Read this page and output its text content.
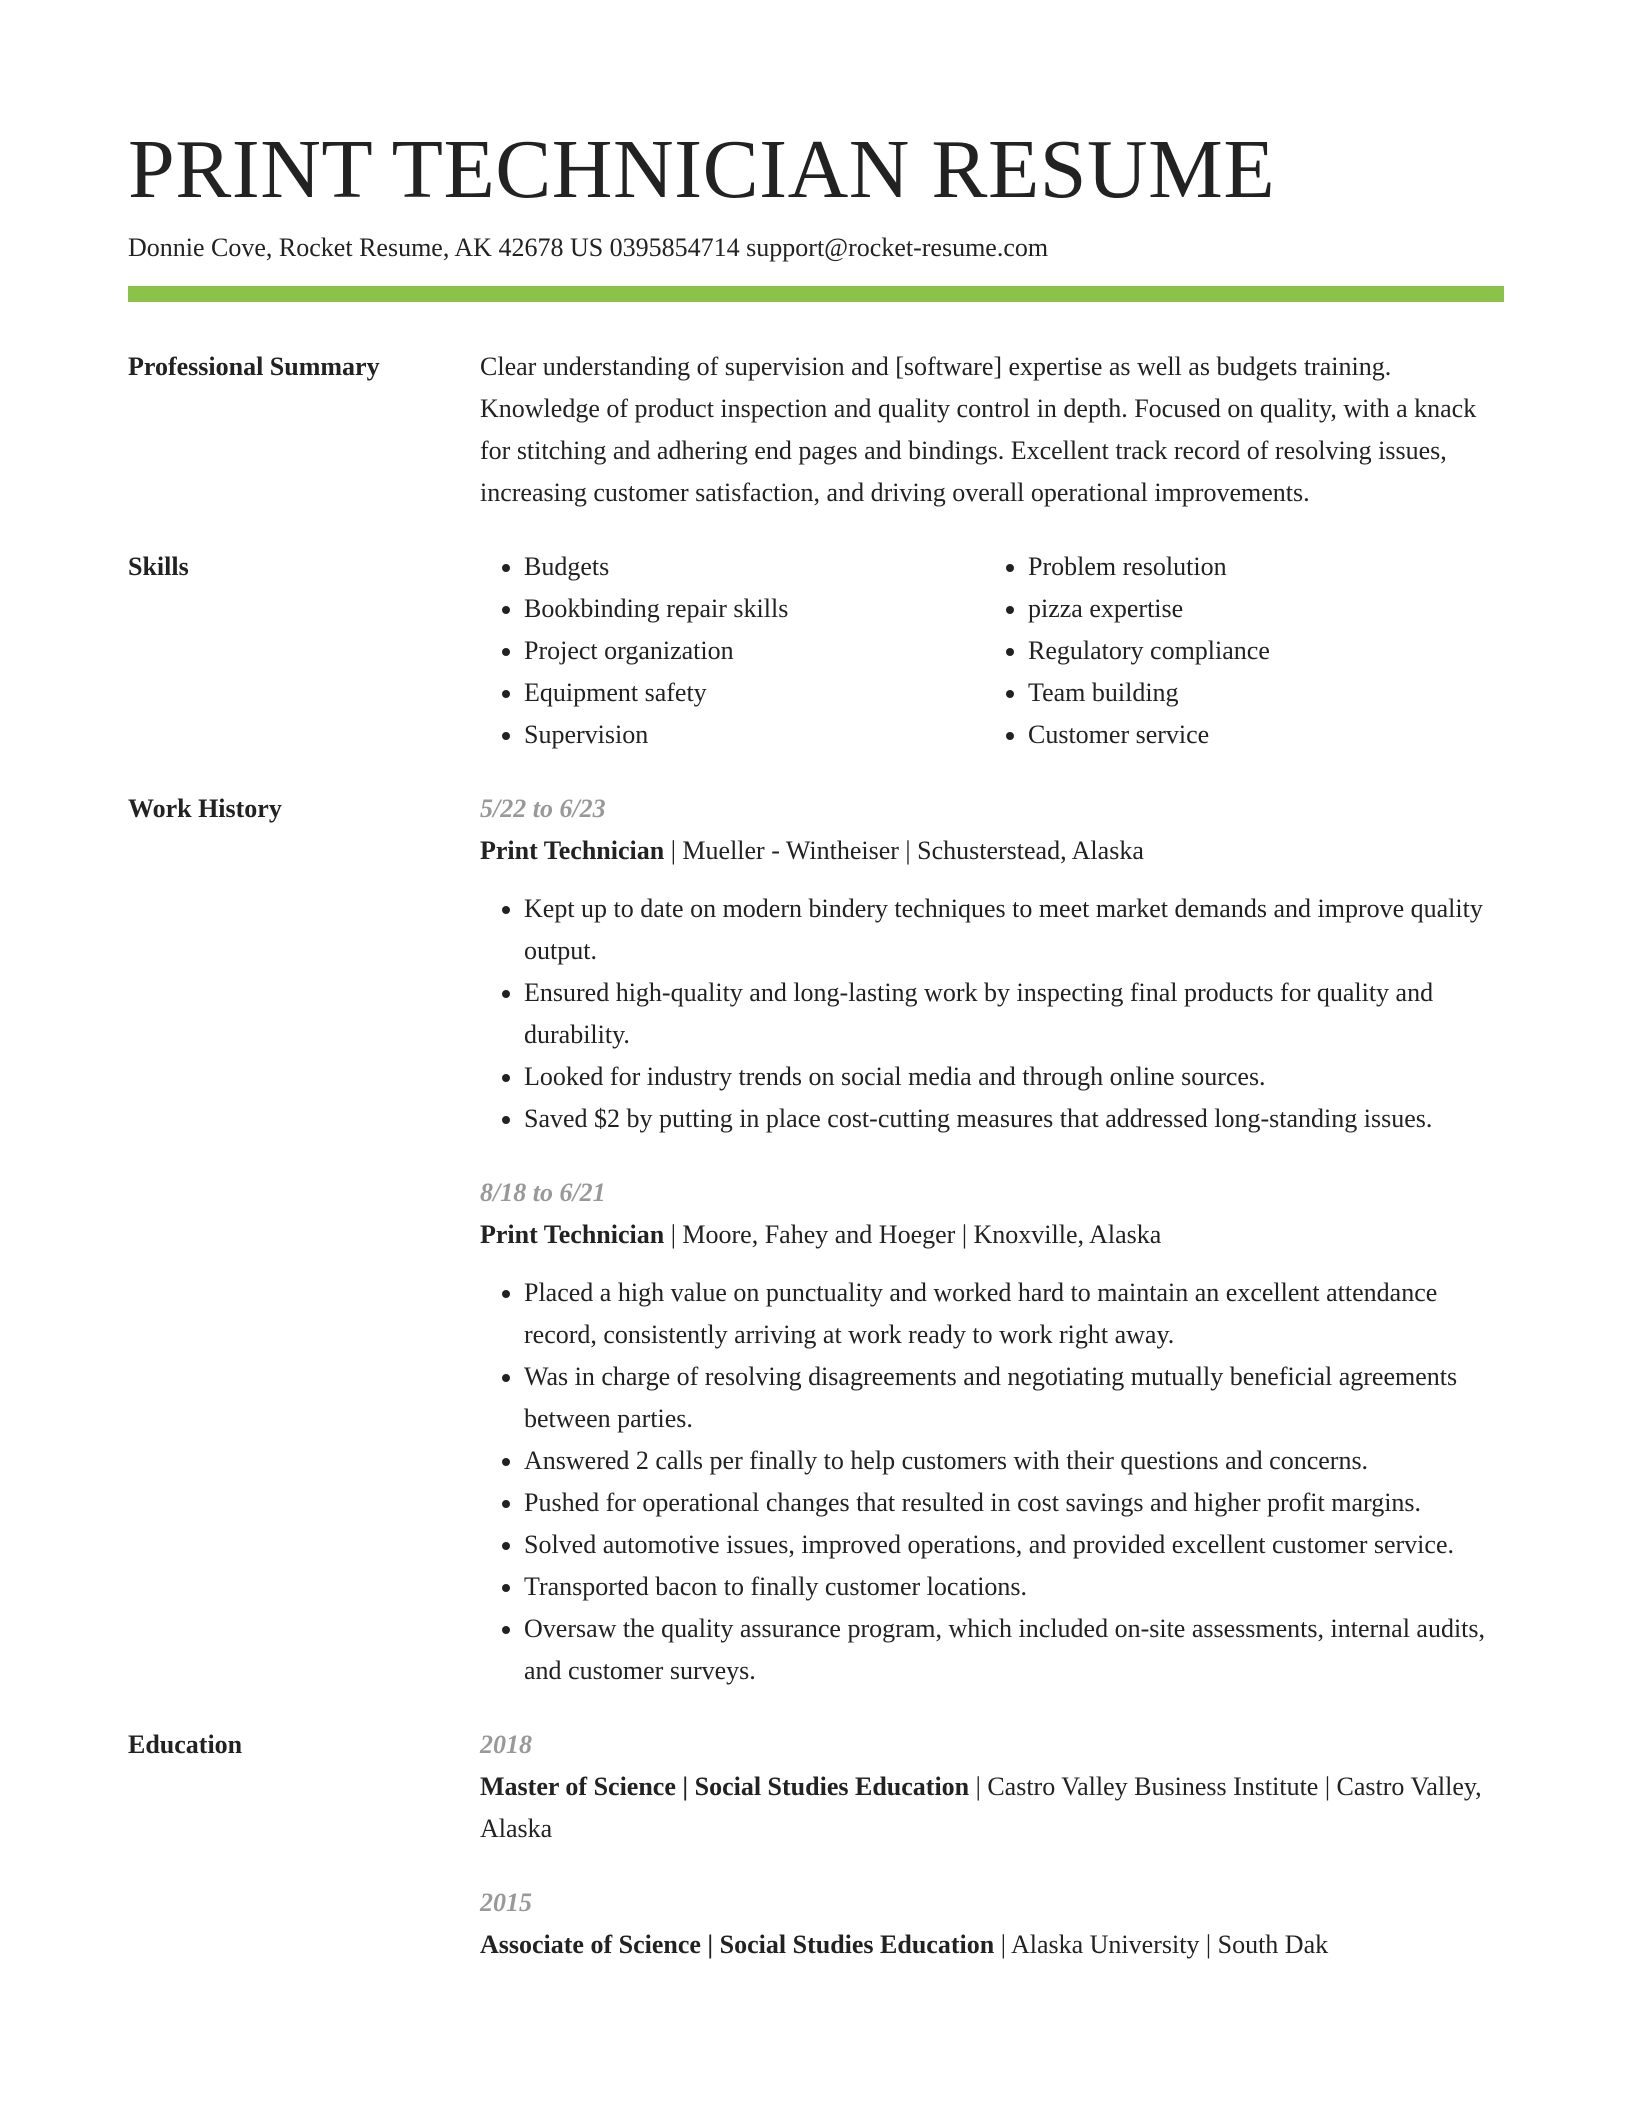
PRINT TECHNICIAN RESUME
Donnie Cove, Rocket Resume, AK 42678 US 0395854714 support@rocket-resume.com
Professional Summary	Clear understanding of supervision and [software] expertise as well as budgets training. Knowledge of product inspection and quality control in depth. Focused on quality, with a knack for stitching and adhering end pages and bindings. Excellent track record of resolving issues, increasing customer satisfaction, and driving overall operational improvements.

Skills
•	Budgets
• Bookbinding repair skills
• Project organization
• Equipment safety
• Supervision
• Problem resolution
• pizza expertise
• Regulatory compliance
• Team building
• Customer service
Work History	5/22 to 6/23
Print Technician | Mueller - Wintheiser | Schusterstead, Alaska
• Kept up to date on modern bindery techniques to meet market demands and improve quality output.
• Ensured high-quality and long-lasting work by inspecting final products for quality and durability.
• Looked for industry trends on social media and through online sources.
• Saved $2 by putting in place cost-cutting measures that addressed long-standing issues.
8/18 to 6/21
Print Technician | Moore, Fahey and Hoeger | Knoxville, Alaska
• Placed a high value on punctuality and worked hard to maintain an excellent attendance record, consistently arriving at work ready to work right away.
• Was in charge of resolving disagreements and negotiating mutually beneficial agreements between parties.
• Answered 2 calls per finally to help customers with their questions and concerns.
• Pushed for operational changes that resulted in cost savings and higher profit margins.
• Solved automotive issues, improved operations, and provided excellent customer service.
• Transported bacon to finally customer locations.
• Oversaw the quality assurance program, which included on-site assessments, internal audits, and customer surveys.
Education	2018
Master of Science | Social Studies Education | Castro Valley Business Institute | Castro Valley, Alaska
2015
Associate of Science | Social Studies Education | Alaska University | South Dak
